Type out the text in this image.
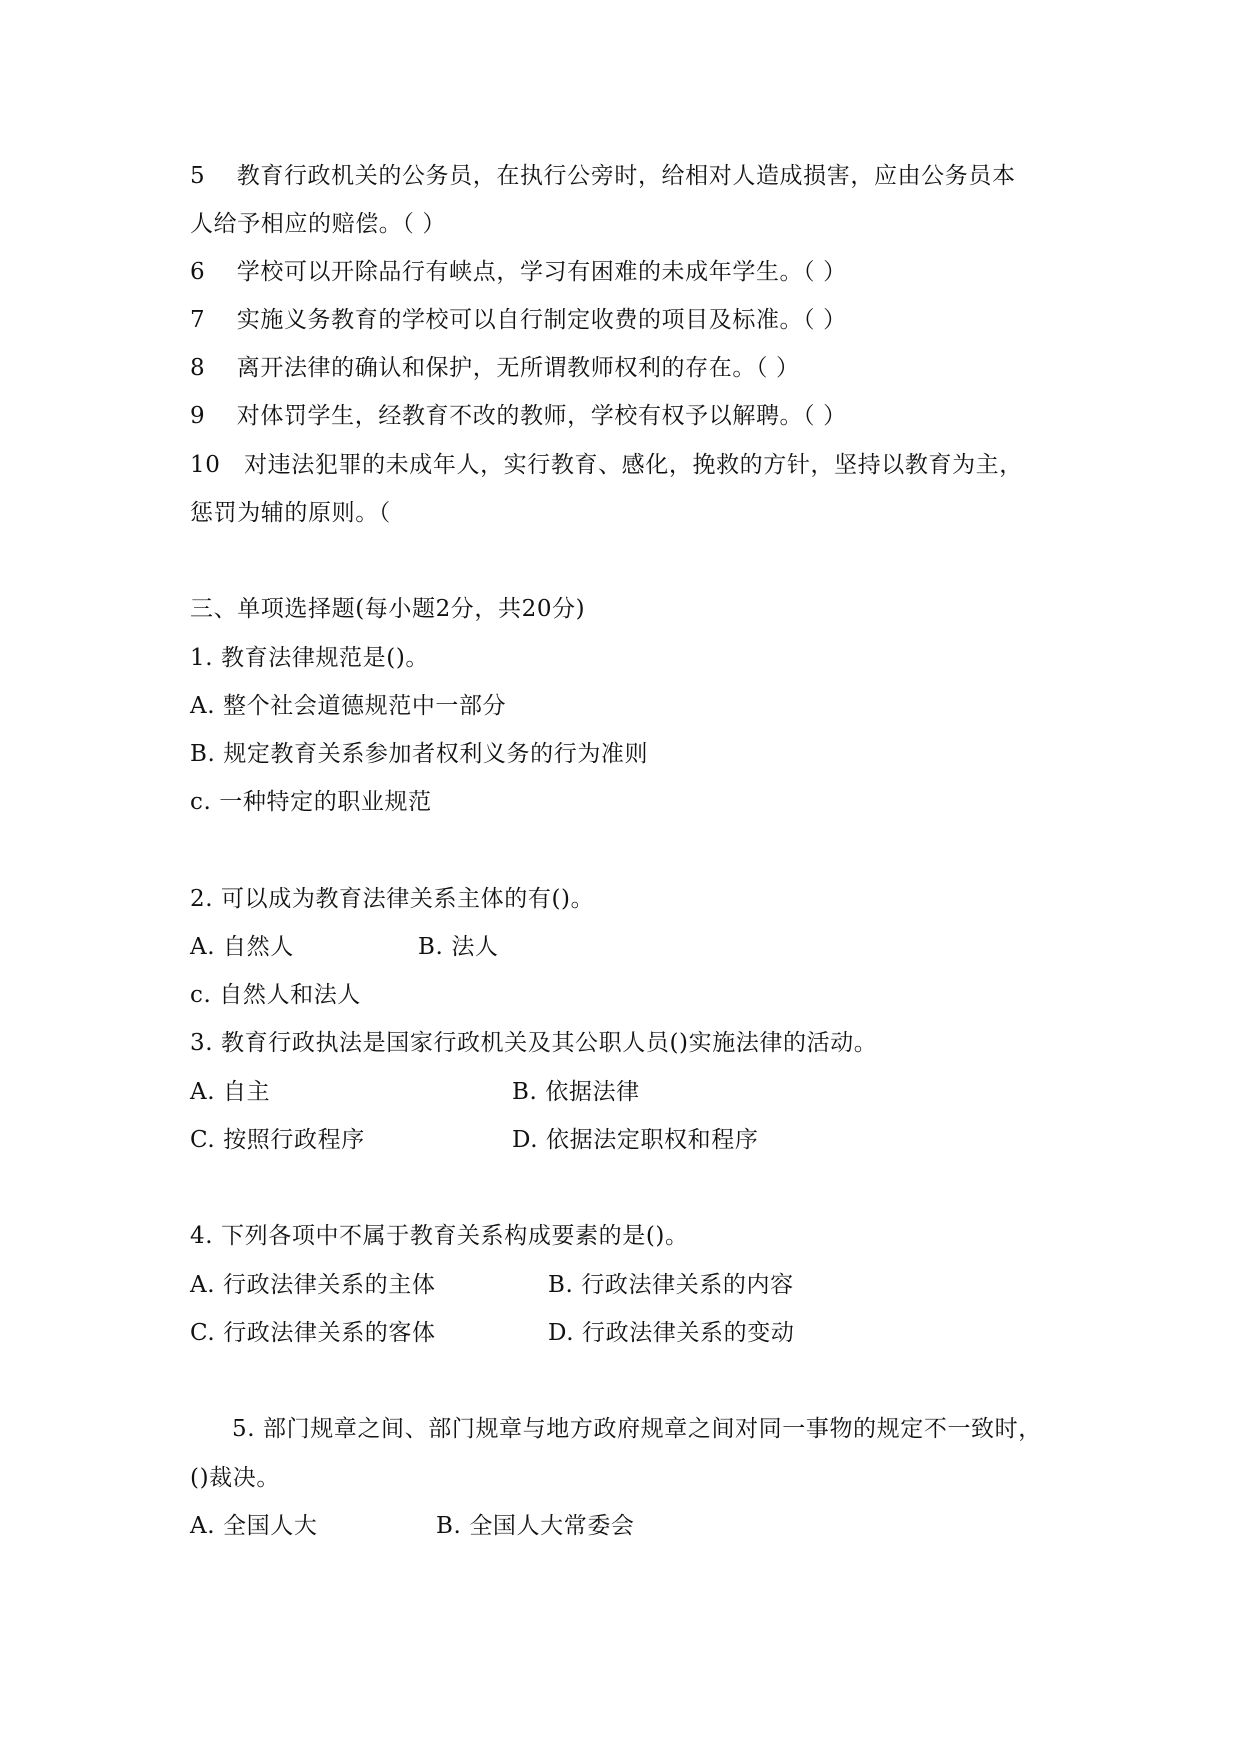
5　 教育行政机关的公务员，在执行公旁时，给相对人造成损害，应由公务员本
人给予相应的赔偿。（ ）
6　 学校可以开除品行有峡点，学习有困难的未成年学生。（ ）
7　 实施义务教育的学校可以自行制定收费的项目及标准。（ ）
8　 离开法律的确认和保护，无所谓教师权利的存在。（ ）
9　 对体罚学生，经教育不改的教师，学校有权予以解聘。（ ）
10　对违法犯罪的未成年人，实行教育、感化，挽救的方针，坚持以教育为主，
惩罚为辅的原则。（
三、单项选择题(每小题2分，共20分)
1. 教育法律规范是()。
A. 整个社会道德规范中一部分
B. 规定教育关系参加者权利义务的行为准则
c. 一种特定的职业规范
2. 可以成为教育法律关系主体的有()。
A. 自然人	B. 法人
c. 自然人和法人
3. 教育行政执法是国家行政机关及其公职人员()实施法律的活动。
A. 自主	B. 依据法律
C. 按照行政程序	D. 依据法定职权和程序
4. 下列各项中不属于教育关系构成要素的是()。
A. 行政法律关系的主体	B. 行政法律关系的内容
C. 行政法律关系的客体	D. 行政法律关系的变动
5. 部门规章之间、部门规章与地方政府规章之间对同一事物的规定不一致时，
()裁决。
A. 全国人大	B. 全国人大常委会
